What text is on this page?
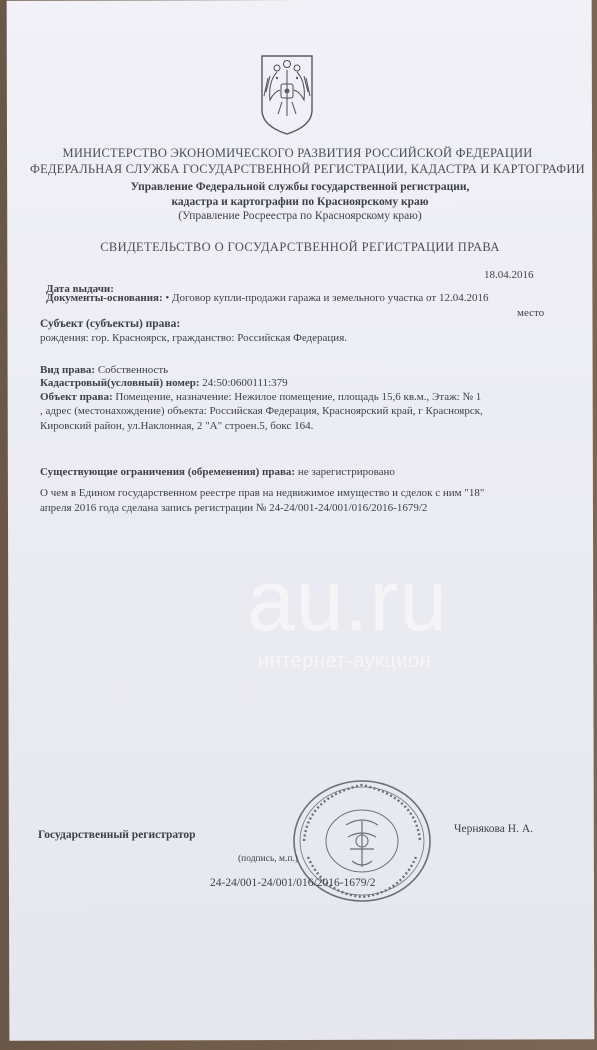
МИНИСТЕРСТВО ЭКОНОМИЧЕСКОГО РАЗВИТИЯ РОССИЙСКОЙ ФЕДЕРАЦИИ
ФЕДЕРАЛЬНАЯ СЛУЖБА ГОСУДАРСТВЕННОЙ РЕГИСТРАЦИИ, КАДАСТРА И КАРТОГРАФИИ
Управление Федеральной службы государственной регистрации,
кадастра и картографии по Красноярскому краю
(Управление Росреестра по Красноярскому краю)
СВИДЕТЕЛЬСТВО О ГОСУДАРСТВЕННОЙ РЕГИСТРАЦИИ ПРАВА
18.04.2016
Дата выдачи:
Документы-основания: • Договор купли-продажи гаража и земельного участка от 12.04.2016
место
Субъект (субъекты) права:
рождения: гор. Красноярск, гражданство: Российская Федерация.
Вид права: Собственность
Кадастровый(условный) номер: 24:50:0600111:379
Объект права: Помещение, назначение: Нежилое помещение, площадь 15,6 кв.м., Этаж: № 1
, адрес (местонахождение) объекта: Российская Федерация, Красноярский край, г Красноярск,
Кировский район, ул.Наклонная, 2 "А" строен.5, бокс 164.
Существующие ограничения (обременения) права: не зарегистрировано
О чем в Едином государственном реестре прав на недвижимое имущество и сделок с ним "18"
апреля 2016 года сделана запись регистрации № 24-24/001-24/001/016/2016-1679/2
au.ru
интернет-аукцион
Государственный регистратор	Чернякова Н. А.
(подпись, м.п.)
24-24/001-24/001/016/2016-1679/2
